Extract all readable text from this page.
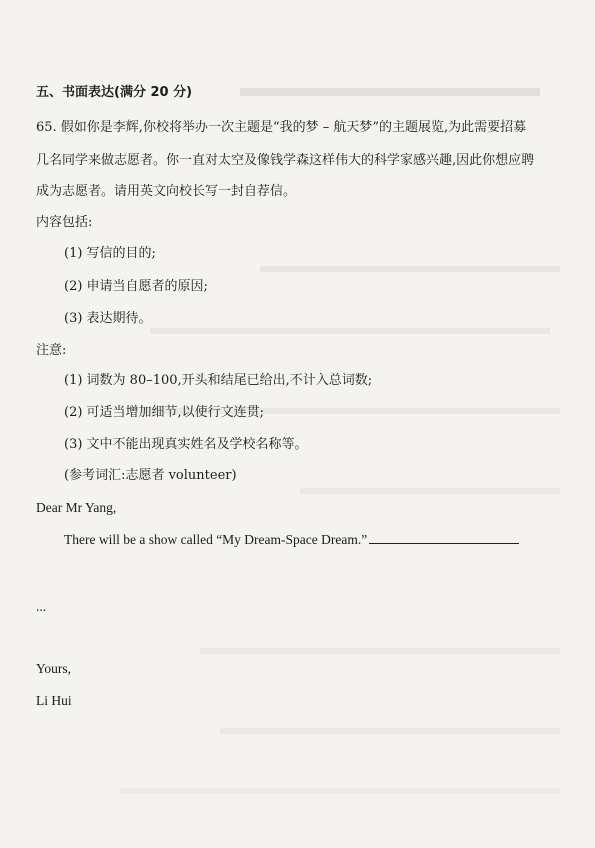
五、书面表达(满分 20 分)
65. 假如你是李辉,你校将举办一次主题是“我的梦 – 航天梦”的主题展览,为此需要招募
几名同学来做志愿者。你一直对太空及像钱学森这样伟大的科学家感兴趣,因此你想应聘
成为志愿者。请用英文向校长写一封自荐信。
内容包括:
(1) 写信的目的;
(2) 申请当自愿者的原因;
(3) 表达期待。
注意:
(1) 词数为 80–100,开头和结尾已给出,不计入总词数;
(2) 可适当增加细节,以使行文连贯;
(3) 文中不能出现真实姓名及学校名称等。
(参考词汇:志愿者 volunteer)
Dear Mr Yang,
There will be a show called “My Dream-Space Dream.”
...
Yours,
Li Hui
